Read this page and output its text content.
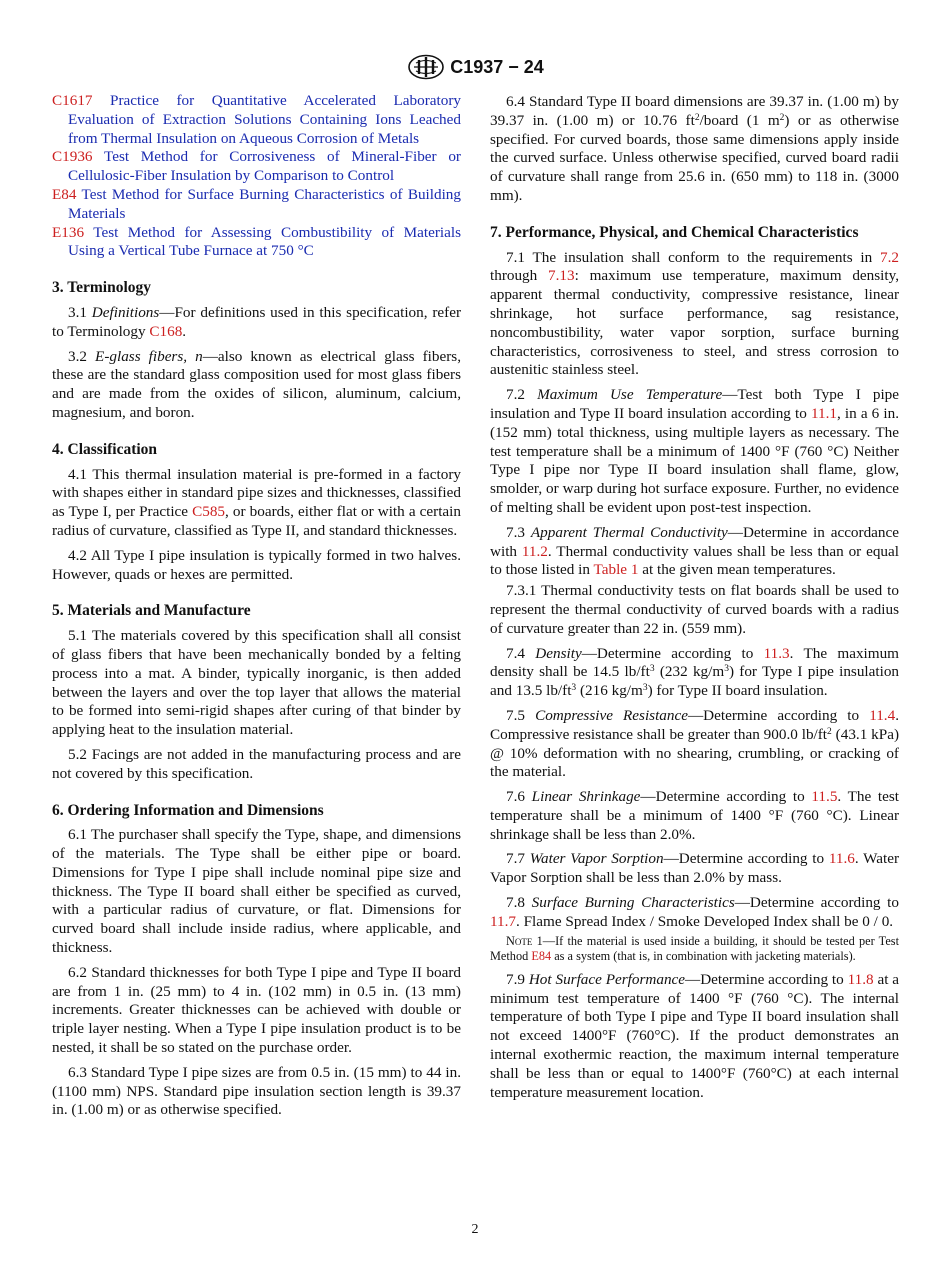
C1937 − 24
C1617 Practice for Quantitative Accelerated Laboratory Evaluation of Extraction Solutions Containing Ions Leached from Thermal Insulation on Aqueous Corrosion of Metals
C1936 Test Method for Corrosiveness of Mineral-Fiber or Cellulosic-Fiber Insulation by Comparison to Control
E84 Test Method for Surface Burning Characteristics of Building Materials
E136 Test Method for Assessing Combustibility of Materials Using a Vertical Tube Furnace at 750 °C
3. Terminology

3.1 Definitions—For definitions used in this specification, refer to Terminology C168.

3.2 E-glass fibers, n—also known as electrical glass fibers, these are the standard glass composition used for most glass fibers and are made from the oxides of silicon, aluminum, calcium, magnesium, and boron.

4. Classification

4.1 This thermal insulation material is pre-formed in a factory with shapes either in standard pipe sizes and thicknesses, classified as Type I, per Practice C585, or boards, either flat or with a certain radius of curvature, classified as Type II, and standard thicknesses.

4.2 All Type I pipe insulation is typically formed in two halves. However, quads or hexes are permitted.

5. Materials and Manufacture

5.1 The materials covered by this specification shall all consist of glass fibers that have been mechanically bonded by a felting process into a mat. A binder, typically inorganic, is then added between the layers and over the top layer that allows the material to be formed into semi-rigid shapes after curing of that binder by applying heat to the insulation material.

5.2 Facings are not added in the manufacturing process and are not covered by this specification.

6. Ordering Information and Dimensions

6.1 The purchaser shall specify the Type, shape, and dimensions of the materials. The Type shall be either pipe or board. Dimensions for Type I pipe shall include nominal pipe size and thickness. The Type II board shall either be specified as curved, with a particular radius of curvature, or flat. Dimensions for curved board shall include inside radius, where applicable, and thickness.

6.2 Standard thicknesses for both Type I pipe and Type II board are from 1 in. (25 mm) to 4 in. (102 mm) in 0.5 in. (13 mm) increments. Greater thicknesses can be achieved with double or triple layer nesting. When a Type I pipe insulation product is to be nested, it shall be so stated on the purchase order.

6.3 Standard Type I pipe sizes are from 0.5 in. (15 mm) to 44 in. (1100 mm) NPS. Standard pipe insulation section length is 39.37 in. (1.00 m) or as otherwise specified.

6.4 Standard Type II board dimensions are 39.37 in. (1.00 m) by 39.37 in. (1.00 m) or 10.76 $ft^2$/board (1 $m^2$) or as otherwise specified. For curved boards, those same dimensions apply inside the curved surface. Unless otherwise specified, curved board radii of curvature shall range from 25.6 in. (650 mm) to 118 in. (3000 mm).

7. Performance, Physical, and Chemical Characteristics

7.1 The insulation shall conform to the requirements in 7.2 through 7.13: maximum use temperature, maximum density, apparent thermal conductivity, compressive resistance, linear shrinkage, hot surface performance, sag resistance, noncombustibility, water vapor sorption, surface burning characteristics, corrosiveness to steel, and stress corrosion to austenitic stainless steel.

7.2 Maximum Use Temperature—Test both Type I pipe insulation and Type II board insulation according to 11.1, in a 6 in. (152 mm) total thickness, using multiple layers as necessary. The test temperature shall be a minimum of 1400 °F (760 °C) Neither Type I pipe nor Type II board insulation shall flame, glow, smolder, or warp during hot surface exposure. Further, no evidence of melting shall be evident upon post-test inspection.

7.3 Apparent Thermal Conductivity—Determine in accordance with 11.2. Thermal conductivity values shall be less than or equal to those listed in Table 1 at the given mean temperatures.

7.3.1 Thermal conductivity tests on flat boards shall be used to represent the thermal conductivity of curved boards with a radius of curvature greater than 22 in. (559 mm).

7.4 Density—Determine according to 11.3. The maximum density shall be 14.5 $lb/ft^3$ (232 $kg/m^3$) for Type I pipe insulation and 13.5 $lb/ft^3$ (216 $kg/m^3$) for Type II board insulation.

7.5 Compressive Resistance—Determine according to 11.4. Compressive resistance shall be greater than 900.0 $lb/ft^2$ (43.1 kPa) @ 10% deformation with no shearing, crumbling, or cracking of the material.

7.6 Linear Shrinkage—Determine according to 11.5. The test temperature shall be a minimum of 1400 °F (760 °C). Linear shrinkage shall be less than 2.0%.

7.7 Water Vapor Sorption—Determine according to 11.6. Water Vapor Sorption shall be less than 2.0% by mass.

7.8 Surface Burning Characteristics—Determine according to 11.7. Flame Spread Index / Smoke Developed Index shall be 0 / 0.

Note 1—If the material is used inside a building, it should be tested per Test Method E84 as a system (that is, in combination with jacketing materials).

7.9 Hot Surface Performance—Determine according to 11.8 at a minimum test temperature of 1400 °F (760 °C). The internal temperature of both Type I pipe and Type II board insulation shall not exceed 1400°F (760°C). If the product demonstrates an internal exothermic reaction, the maximum internal temperature shall be less than or equal to 1400°F (760°C) at each internal temperature measurement location.

2
